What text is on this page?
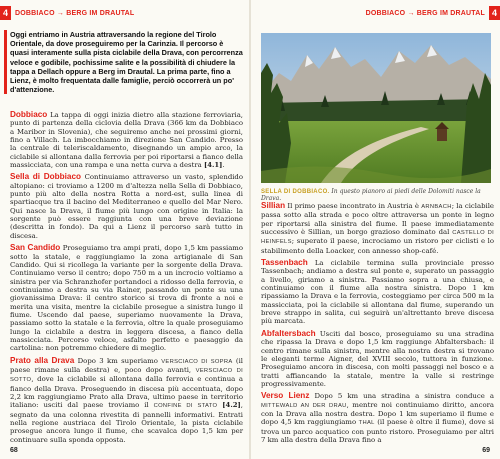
4	DOBBIACO → BERG IM DRAUTAL
Oggi entriamo in Austria attraversando la regione del Tirolo Orientale, da dove proseguiremo per la Carinzia. Il percorso è quasi interamente sulla pista ciclabile della Drava, con percorrenza veloce e godibile, pochissime salite e la possibilità di chiudere la tappa a Dellach oppure a Berg im Drautal. La prima parte, fino a Lienz, è molto frequentata dalle famiglie, perciò occorrerà un po' d'attenzione.

Dobbiaco La tappa di oggi inizia dietro alla stazione ferroviaria, punto di partenza della ciclovia della Drava (366 km da Dobbiaco a Maribor in Slovenia), che seguiremo anche nei prossimi giorni, fino a Villach. La imbocchiamo in direzione San Candido. Presso la centrale di teleriscaldamento, disegnando un ampio arco, la ciclabile si allontana dalla ferrovia per poi riportarsi a fianco della massicciata, con una rampa e una netta curva a destra [4.1].

Sella di Dobbiaco Continuiamo attraverso un vasto, splendido altopiano: ci troviamo a 1200 m d'altezza nella Sella di Dobbiaco, punto più alto della nostra Rotta a nord-est, sulla linea di spartiacque tra il bacino del Mediterraneo e quello del Mar Nero. Qui nasce la Drava, il fiume più lungo con origine in Italia: la sorgente può essere raggiunta con una breve deviazione (descritta in fondo). Da qui a Lienz il percorso sarà tutto in discesa.

San Candido Proseguiamo tra ampi prati, dopo 1,5 km passiamo sotto la statale, e raggiungiamo la zona artigianale di San Candido. Qui si ricollega la variante per la sorgente della Drava. Continuiamo verso il centro; dopo 750 m a un incrocio voltiamo a sinistra per via Schranzhofer portandoci a ridosso della ferrovia, e continuiamo a destra su via Rainer, passando un ponte su una giovanissima Drava: il centro storico si trova di fronte a noi e merita una visita, mentre la ciclabile prosegue a sinistra lungo il fiume. Uscendo dal paese, superiamo nuovamente la Drava, passiamo sotto la statale e la ferrovia, oltre la quale proseguiamo lungo la ciclabile a destra in leggera discesa, a fianco della massicciata. Percorso veloce, asfalto perfetto e paesaggio da cartolina: non potremmo chiedere di meglio.

Prato alla Drava Dopo 3 km superiamo VERSCIACO DI SOPRA (il paese rimane sulla destra) e, poco dopo avanti, VERSCIACO DI SOTTO, dove la ciclabile si allontana dalla ferrovia e continua a fianco della Drava. Proseguendo in discesa più accentuata, dopo 2,2 km raggiungiamo Prato alla Drava, ultimo paese in territorio italiano: usciti dal paese troviamo il CONFINE DI STATO [4.2], segnato da una colonna rivestita di pannelli informativi. Entrati nella regione austriaca del Tirolo Orientale, la pista ciclabile prosegue ancora lungo il fiume, che scavalca dopo 1,5 km per continuare sulla sponda opposta.

68
DOBBIACO → BERG IM DRAUTAL 4
SELLA DI DOBBIACO. In questo pianoro ai piedi delle Dolomiti nasce la Drava.

Sillian Il primo paese incontrato in Austria è ARNBACH; la ciclabile passa sotto alla strada e poco oltre attraversa un ponte in legno per riportarsi alla sinistra del fiume. Il paese immediatamente successivo è Sillian, un borgo grazioso dominato dal CASTELLO DI HEINFELS; superato il paese, incrociamo un ristoro per ciclisti e lo stabilimento della Loacker, con annesso shop-café.

Tassenbach La ciclabile termina sulla provinciale presso Tassenbach; andiamo a destra sul ponte e, superato un passaggio a livello, giriamo a sinistra. Passiamo sopra a una chiusa, e continuiamo con il fiume alla nostra sinistra. Dopo 1 km ripassiamo la Drava e la ferrovia, costeggiamo per circa 500 m la massicciata, poi la ciclabile si allontana dal fiume, superando un breve strappo in salita, cui seguirà un'altrettanto breve discesa più marcata.

Abfaltersbach Usciti dal bosco, proseguiamo su una stradina che ripassa la Drava e dopo 1,5 km raggiunge Abfaltersbach: il centro rimane sulla sinistra, mentre alla nostra destra si trovano le eleganti terme Aigner, del XVIII secolo, tuttora in funzione. Proseguiamo ancora in discesa, con molti passaggi nel bosco e a tratti affiancando la statale, mentre la valle si restringe progressivamente.

Verso Lienz Dopo 5 km una stradina a sinistra conduce a MITTEWALD AN DER DRAU, mentre noi continuiamo diritto, ancora con la Drava alla nostra destra. Dopo 1 km superiamo il fiume e dopo 4,5 km raggiungiamo THAL (il paese è oltre il fiume), dove si trova un parco acquatico con punto ristoro. Proseguiamo per altri 7 km alla destra della Drava fino a

69
